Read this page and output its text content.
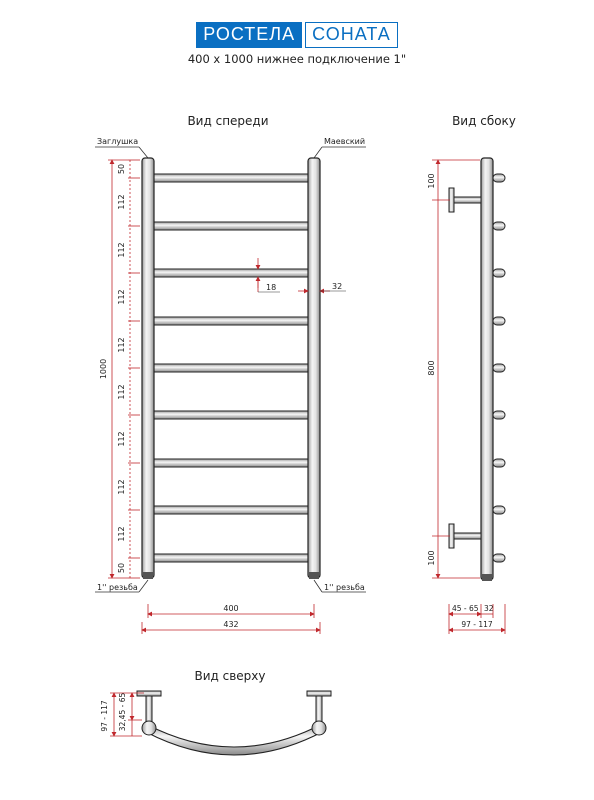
РОСТЕЛА СОНАТА
400 х 1000 нижнее подключение 1"
Вид спереди	Вид сбоку
Вид сверху
Заглушка	Маевский
1'' резьба	1'' резьба
50
112
112
112
112
112
112
112
50
112
1000
18	32
400
432
100
800
100
45 - 65 32
97 - 117
97 - 117 32,45 - 65
